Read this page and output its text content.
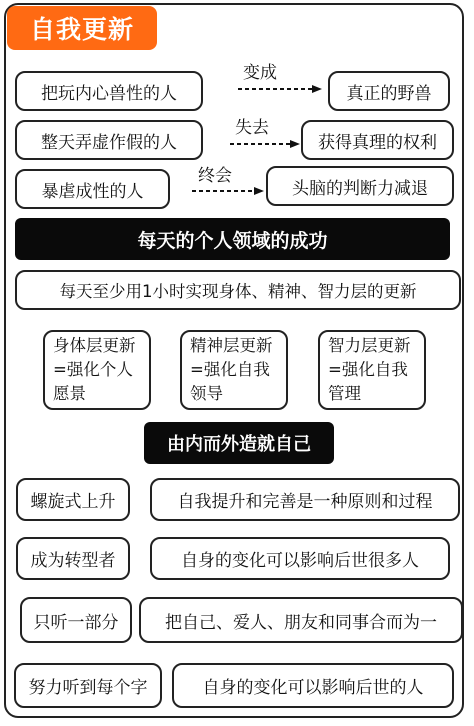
自我更新
把玩内心兽性的人
变成
真正的野兽
整天弄虚作假的人
失去
获得真理的权利
暴虐成性的人
终会
头脑的判断力减退
每天的个人领域的成功
每天至少用1小时实现身体、精神、智力层的更新
身体层更新=强化个人愿景
精神层更新=强化自我领导
智力层更新=强化自我管理
由内而外造就自己
螺旋式上升	自我提升和完善是一种原则和过程
成为转型者	自身的变化可以影响后世很多人
只听一部分	把自己、爱人、朋友和同事合而为一
努力听到每个字	自身的变化可以影响后世的人
